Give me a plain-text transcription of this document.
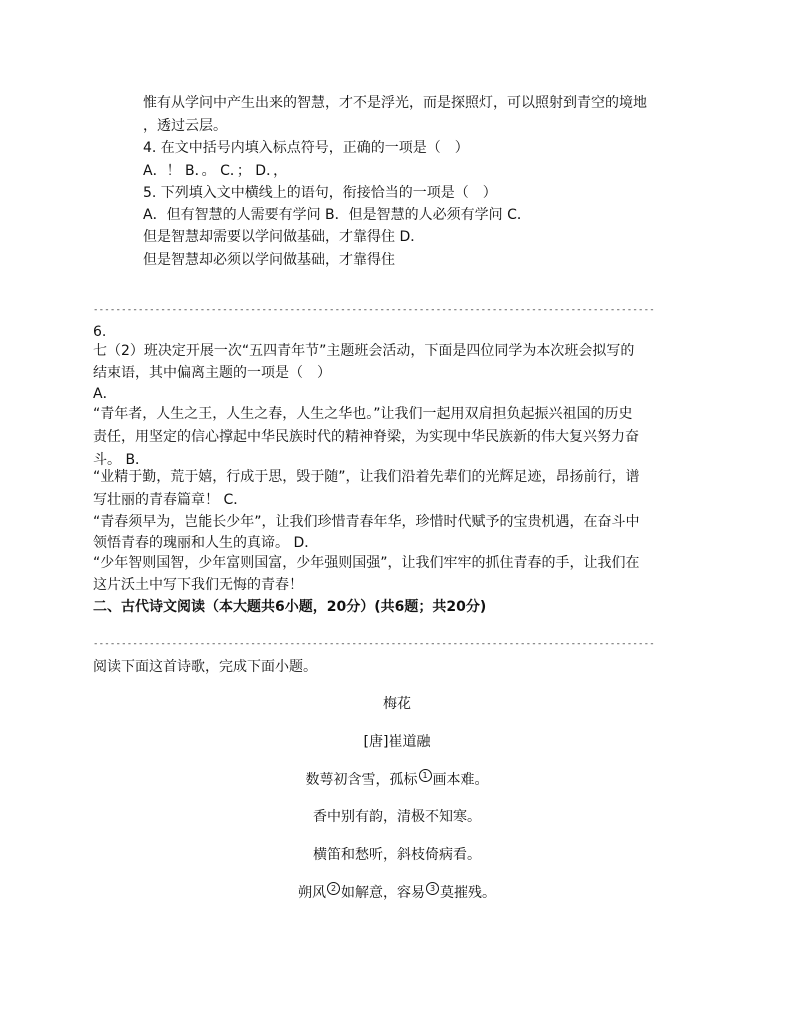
惟有从学问中产生出来的智慧，才不是浮光，而是探照灯，可以照射到青空的境地
，透过云层。
4. 在文中括号内填入标点符号，正确的一项是（　）
A．！ B．。 C．； D．，
5. 下列填入文中横线上的语句，衔接恰当的一项是（　）
A．但有智慧的人需要有学问 B．但是智慧的人必须有学问 C．
但是智慧却需要以学问做基础，才靠得住 D．
但是智慧却必须以学问做基础，才靠得住
----------------------------------------------------------------------------------------------------
6.
七（2）班决定开展一次“五四青年节”主题班会活动，下面是四位同学为本次班会拟写的
结束语，其中偏离主题的一项是（　）
A．
“青年者，人生之王，人生之春，人生之华也。”让我们一起用双肩担负起振兴祖国的历史
责任，用坚定的信心撑起中华民族时代的精神脊梁，为实现中华民族新的伟大复兴努力奋
斗。 B．
“业精于勤，荒于嬉，行成于思，毁于随”，让我们沿着先辈们的光辉足迹，昂扬前行，谱
写壮丽的青春篇章！ C．
“青春须早为，岂能长少年”，让我们珍惜青春年华，珍惜时代赋予的宝贵机遇，在奋斗中
领悟青春的瑰丽和人生的真谛。 D．
“少年智则国智，少年富则国富，少年强则国强”，让我们牢牢的抓住青春的手，让我们在
这片沃土中写下我们无悔的青春！
二、古代诗文阅读（本大题共6小题，20分）(共6题；共20分)
----------------------------------------------------------------------------------------------------
阅读下面这首诗歌，完成下面小题。
梅花
[唐]崔道融
数萼初含雪，孤标 1 画本难。
香中别有韵，清极不知寒。
横笛和愁听，斜枝倚病看。
朔风 2 如解意，容易 3 莫摧残。
